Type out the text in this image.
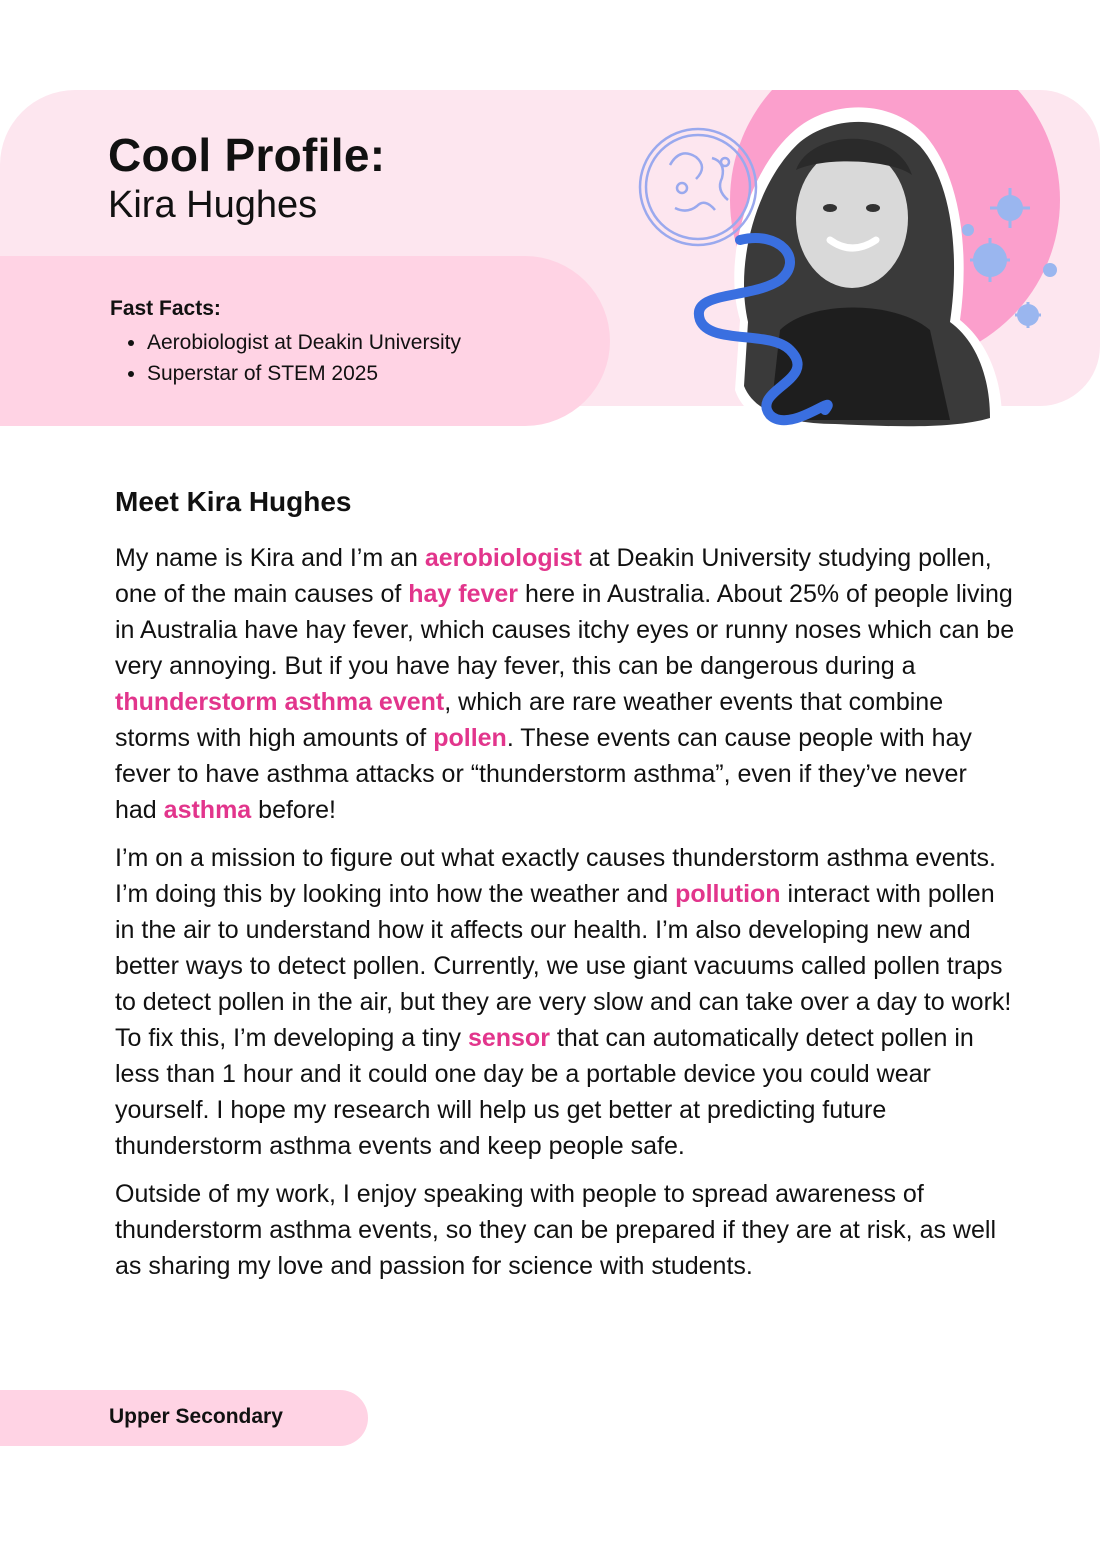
Cool Profile:
Kira Hughes
Fast Facts:
• Aerobiologist at Deakin University
• Superstar of STEM 2025
Meet Kira Hughes

My name is Kira and I’m an aerobiologist at Deakin University studying pollen, one of the main causes of hay fever here in Australia. About 25% of people living in Australia have hay fever, which causes itchy eyes or runny noses which can be very annoying. But if you have hay fever, this can be dangerous during a thunderstorm asthma event, which are rare weather events that combine storms with high amounts of pollen. These events can cause people with hay fever to have asthma attacks or “thunderstorm asthma”, even if they’ve never had asthma before!

I’m on a mission to figure out what exactly causes thunderstorm asthma events. I’m doing this by looking into how the weather and pollution interact with pollen in the air to understand how it affects our health. I’m also developing new and better ways to detect pollen. Currently, we use giant vacuums called pollen traps to detect pollen in the air, but they are very slow and can take over a day to work! To fix this, I’m developing a tiny sensor that can automatically detect pollen in less than 1 hour and it could one day be a portable device you could wear yourself. I hope my research will help us get better at predicting future thunderstorm asthma events and keep people safe.

Outside of my work, I enjoy speaking with people to spread awareness of thunderstorm asthma events, so they can be prepared if they are at risk, as well as sharing my love and passion for science with students.

Upper Secondary
